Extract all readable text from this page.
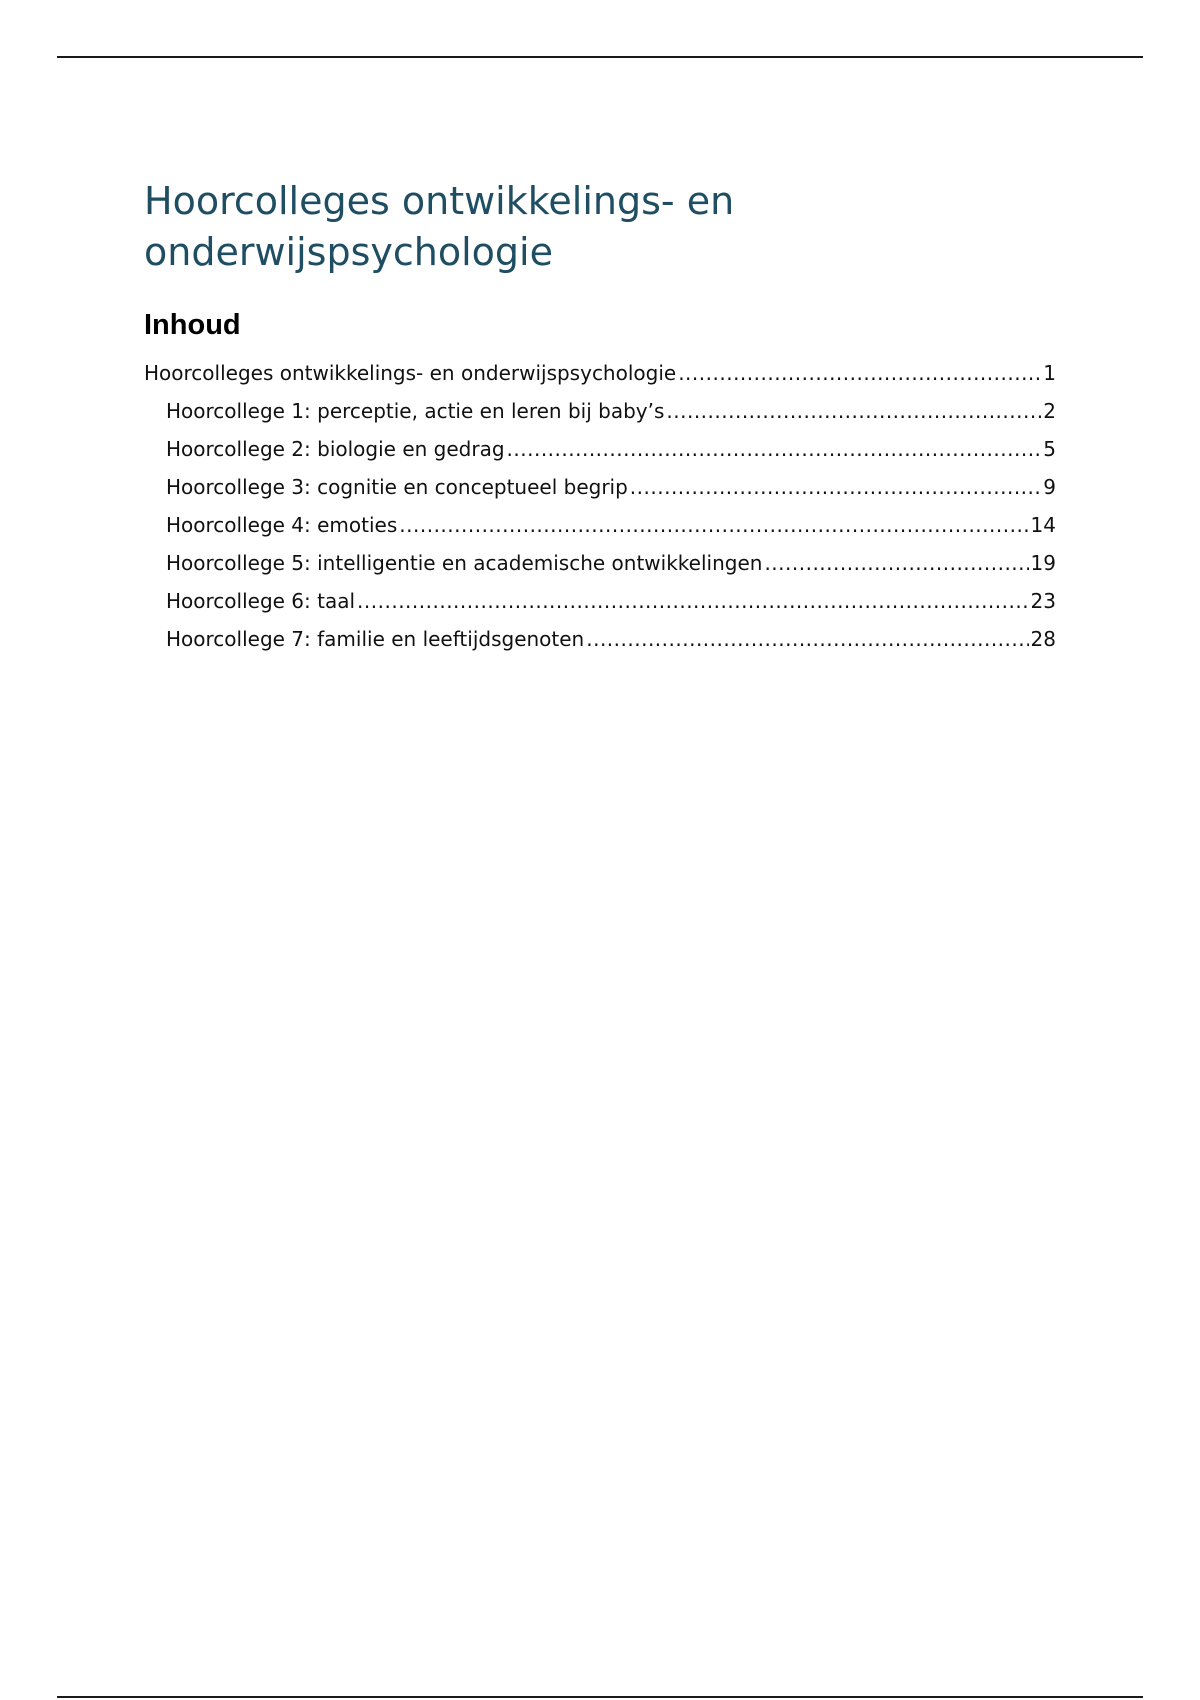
Hoorcolleges ontwikkelings- en onderwijspsychologie
Inhoud
Hoorcolleges ontwikkelings- en onderwijspsychologie .....	1
Hoorcollege 1: perceptie, actie en leren bij baby’s .....	2
Hoorcollege 2: biologie en gedrag .....	5
Hoorcollege 3: cognitie en conceptueel begrip .....	9
Hoorcollege 4: emoties .....	14
Hoorcollege 5: intelligentie en academische ontwikkelingen .....	19
Hoorcollege 6: taal .....	23
Hoorcollege 7: familie en leeftijdsgenoten .....	28
